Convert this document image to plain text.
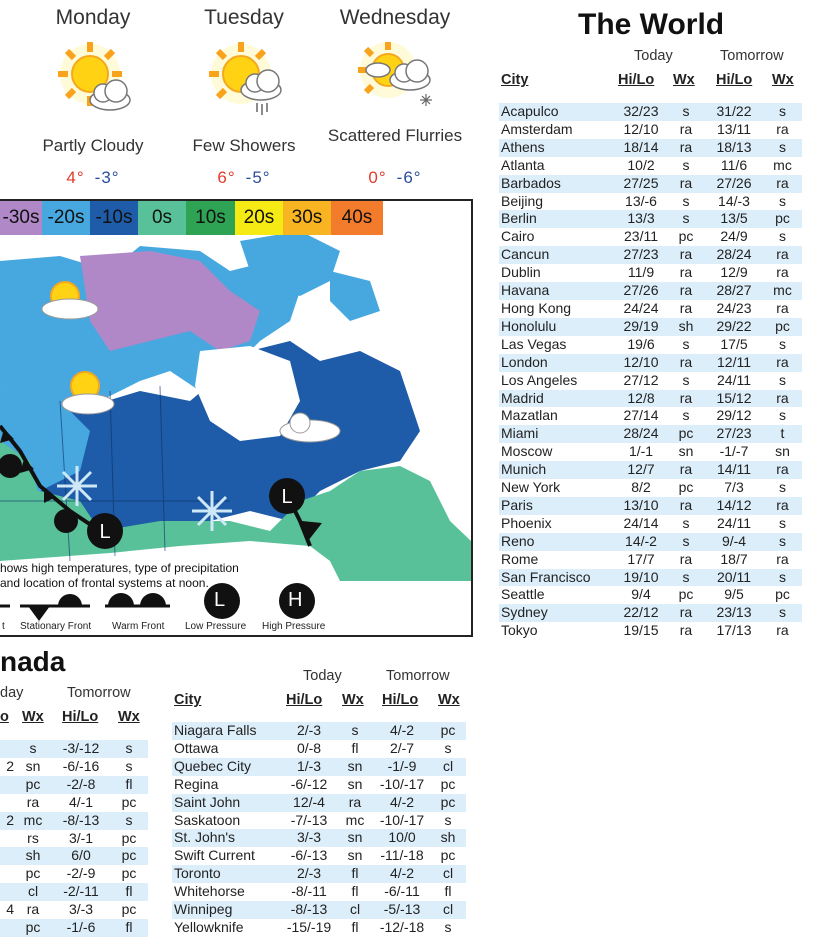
Monday	Tuesday	Wednesday
Partly Cloudy	Few Showers
Scattered Flurries
4° -3°	6° -5°	0° -6°
L
L
-30s -20s -10s	0s	10s 20s 30s	40s
hows high temperatures, type of precipitation
and location of frontal systems at noon.
t Stationary Front Warm Front Low Pressure High Pressure
L	H
The World
Today	Tomorrow
City	Hi/Lo Wx Hi/Lo Wx
Acapulco	32/23	s	31/22	s
Amsterdam	12/10	ra	13/11	ra
Athens	18/14	ra	18/13	s
Atlanta	10/2	s	11/6	mc
Barbados	27/25	ra	27/26	ra
Beijing	13/-6	s	14/-3	s
Berlin	13/3	s	13/5	pc
Cairo	23/11	pc	24/9	s
Cancun	27/23	ra	28/24	ra
Dublin	11/9	ra	12/9	ra
Havana	27/26	ra	28/27	mc
Hong Kong	24/24	ra	24/23	ra
Honolulu	29/19	sh	29/22	pc
Las Vegas	19/6	s	17/5	s
London	12/10	ra	12/11	ra
Los Angeles	27/12	s	24/11	s
Madrid	12/8	ra	15/12	ra
Mazatlan	27/14	s	29/12	s
Miami	28/24	pc	27/23	t
Moscow	1/-1	sn	-1/-7	sn
Munich	12/7	ra	14/11	ra
New York	8/2	pc	7/3	s
Paris	13/10	ra	14/12	ra
Phoenix	24/14	s	24/11	s
Reno	14/-2	s	9/-4	s
Rome	17/7	ra	18/7	ra
San Francisco	19/10	s	20/11	s
Seattle	9/4	pc	9/5	pc
Sydney	22/12	ra	23/13	s
Tokyo	19/15	ra	17/13	ra
nada
day	Tomorrow
o Wx Hi/Lo Wx
	s	-3/-12	s
2	sn	-6/-16	s
	pc	-2/-8	fl
	ra	4/-1	pc
2	mc	-8/-13	s
	rs	3/-1	pc
	sh	6/0	pc
	pc	-2/-9	pc
	cl	-2/-11	fl
4	ra	3/-3	pc
	pc	-1/-6	fl
Today	Tomorrow
City	Hi/Lo Wx Hi/Lo Wx
Niagara Falls	2/-3	s	4/-2	pc
Ottawa	0/-8	fl	2/-7	s
Quebec City	1/-3	sn	-1/-9	cl
Regina	-6/-12	sn	-10/-17	pc
Saint John	12/-4	ra	4/-2	pc
Saskatoon	-7/-13	mc	-10/-17	s
St. John's	3/-3	sn	10/0	sh
Swift Current	-6/-13	sn	-11/-18	pc
Toronto	2/-3	fl	4/-2	cl
Whitehorse	-8/-11	fl	-6/-11	fl
Winnipeg	-8/-13	cl	-5/-13	cl
Yellowknife	-15/-19	fl	-12/-18	s
